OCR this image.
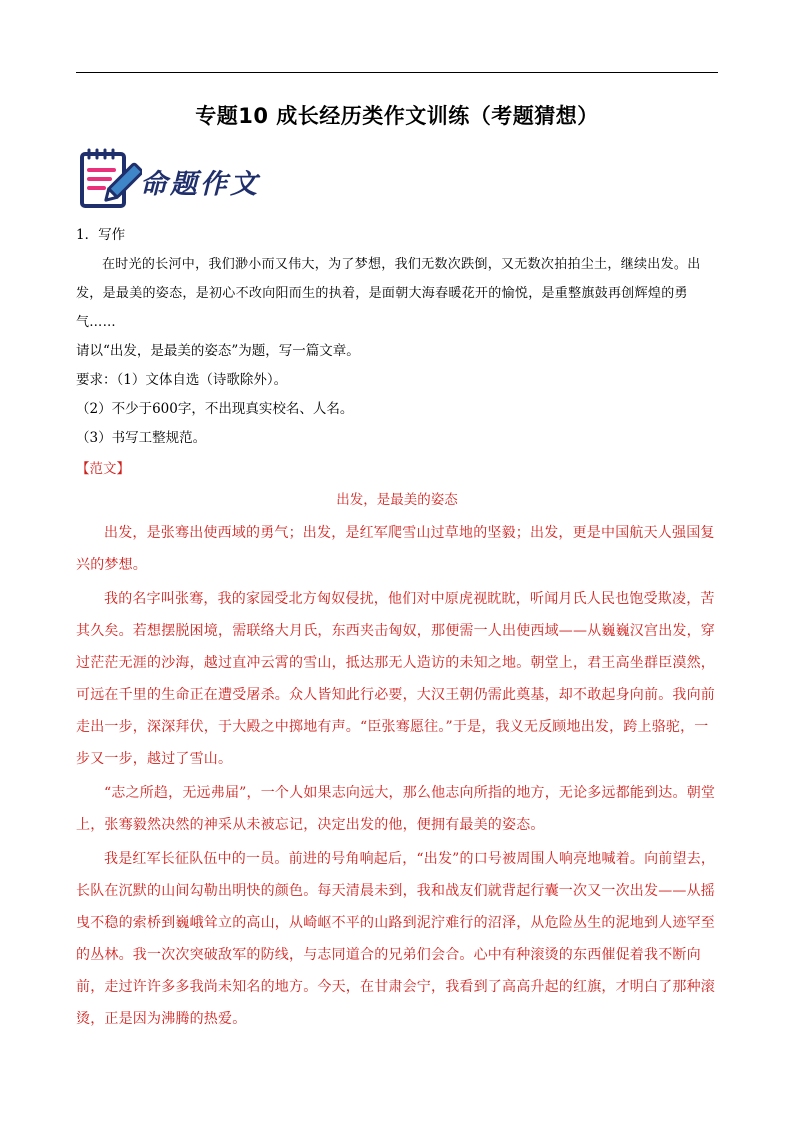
专题10 成长经历类作文训练（考题猜想）
命题作文

1．写作

在时光的长河中，我们渺小而又伟大，为了梦想，我们无数次跌倒，又无数次拍拍尘土，继续出发。出发，是最美的姿态，是初心不改向阳而生的执着，是面朝大海春暖花开的愉悦，是重整旗鼓再创辉煌的勇气……

请以“出发，是最美的姿态”为题，写一篇文章。

要求：（1）文体自选（诗歌除外）。

（2）不少于600字，不出现真实校名、人名。

（3）书写工整规范。

【范文】

出发，是最美的姿态

出发，是张骞出使西域的勇气；出发，是红军爬雪山过草地的坚毅；出发，更是中国航天人强国复兴的梦想。

我的名字叫张骞，我的家园受北方匈奴侵扰，他们对中原虎视眈眈，听闻月氏人民也饱受欺凌，苦其久矣。若想摆脱困境，需联络大月氏，东西夹击匈奴，那便需一人出使西域——从巍巍汉宫出发，穿过茫茫无涯的沙海，越过直冲云霄的雪山，抵达那无人造访的未知之地。朝堂上，君王高坐群臣漠然，可远在千里的生命正在遭受屠杀。众人皆知此行必要，大汉王朝仍需此奠基，却不敢起身向前。我向前走出一步，深深拜伏，于大殿之中掷地有声。“臣张骞愿往。”于是，我义无反顾地出发，跨上骆驼，一步又一步，越过了雪山。

“志之所趋，无远弗届”，一个人如果志向远大，那么他志向所指的地方，无论多远都能到达。朝堂上，张骞毅然决然的神采从未被忘记，决定出发的他，便拥有最美的姿态。

我是红军长征队伍中的一员。前进的号角响起后，“出发”的口号被周围人响亮地喊着。向前望去，长队在沉默的山间勾勒出明快的颜色。每天清晨未到，我和战友们就背起行囊一次又一次出发——从摇曳不稳的索桥到巍峨耸立的高山，从崎岖不平的山路到泥泞难行的沼泽，从危险丛生的泥地到人迹罕至的丛林。我一次次突破敌军的防线，与志同道合的兄弟们会合。心中有种滚烫的东西催促着我不断向前，走过许许多多我尚未知名的地方。今天，在甘肃会宁，我看到了高高升起的红旗，才明白了那种滚烫，正是因为沸腾的热爱。
